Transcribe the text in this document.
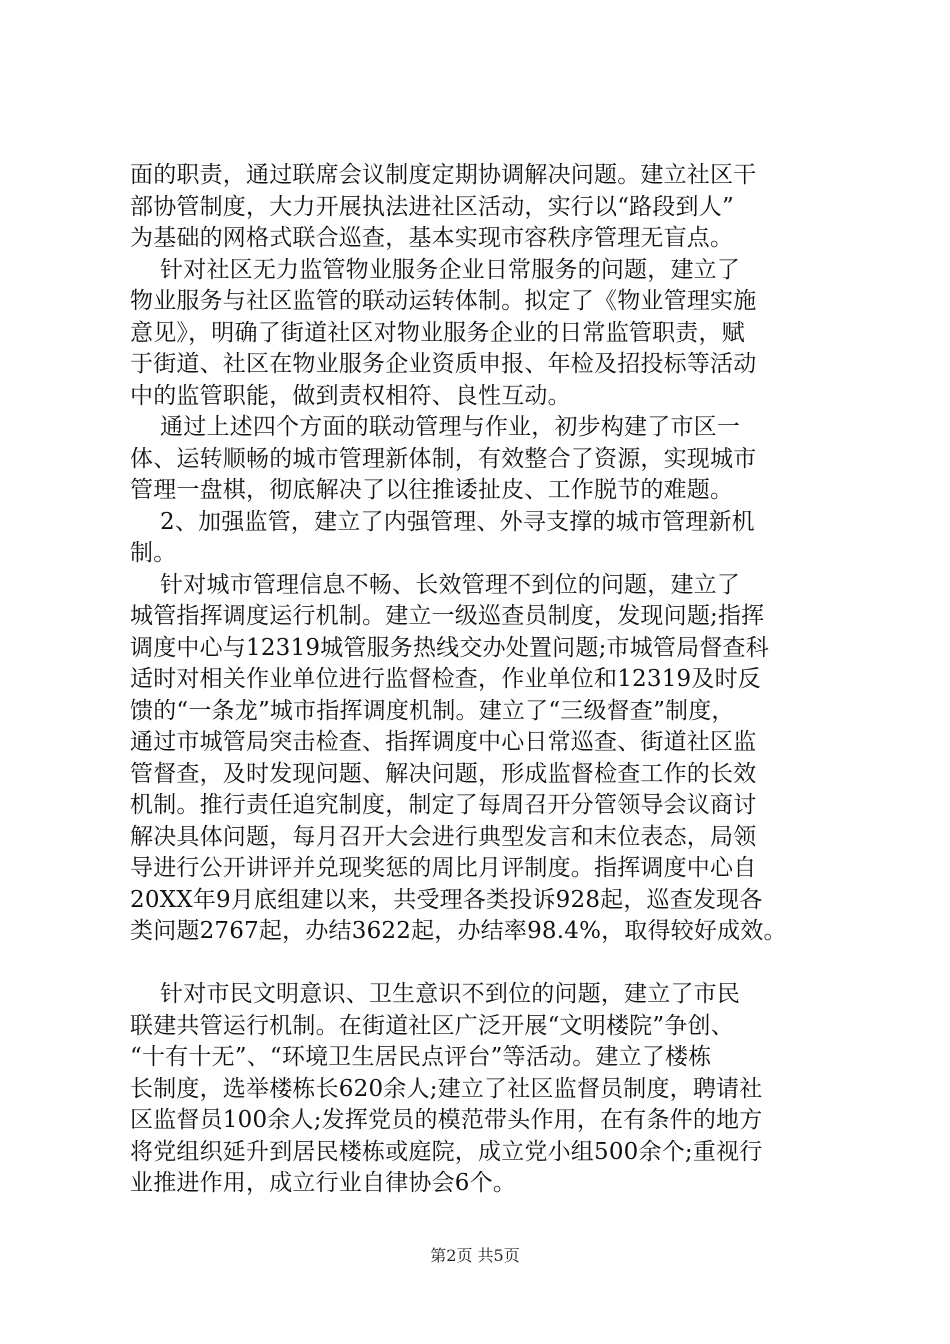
面的职责，通过联席会议制度定期协调解决问题。建立社区干
部协管制度，大力开展执法进社区活动，实行以“路段到人”
为基础的网格式联合巡查，基本实现市容秩序管理无盲点。
针对社区无力监管物业服务企业日常服务的问题，建立了
物业服务与社区监管的联动运转体制。拟定了《物业管理实施
意见》，明确了街道社区对物业服务企业的日常监管职责，赋
于街道、社区在物业服务企业资质申报、年检及招投标等活动
中的监管职能，做到责权相符、良性互动。
通过上述四个方面的联动管理与作业，初步构建了市区一
体、运转顺畅的城市管理新体制，有效整合了资源，实现城市
管理一盘棋，彻底解决了以往推诿扯皮、工作脱节的难题。
2、加强监管，建立了内强管理、外寻支撑的城市管理新机
制。
针对城市管理信息不畅、长效管理不到位的问题，建立了
城管指挥调度运行机制。建立一级巡查员制度，发现问题;指挥
调度中心与12319城管服务热线交办处置问题;市城管局督查科
适时对相关作业单位进行监督检查，作业单位和12319及时反
馈的“一条龙”城市指挥调度机制。建立了“三级督查”制度，
通过市城管局突击检查、指挥调度中心日常巡查、街道社区监
管督查，及时发现问题、解决问题，形成监督检查工作的长效
机制。推行责任追究制度，制定了每周召开分管领导会议商讨
解决具体问题，每月召开大会进行典型发言和末位表态，局领
导进行公开讲评并兑现奖惩的周比月评制度。指挥调度中心自
20XX年9月底组建以来，共受理各类投诉928起，巡查发现各
类问题2767起，办结3622起，办结率98.4%，取得较好成效。
针对市民文明意识、卫生意识不到位的问题，建立了市民
联建共管运行机制。在街道社区广泛开展“文明楼院”争创、
“十有十无”、“环境卫生居民点评台”等活动。建立了楼栋
长制度，选举楼栋长620余人;建立了社区监督员制度，聘请社
区监督员100余人;发挥党员的模范带头作用，在有条件的地方
将党组织延升到居民楼栋或庭院，成立党小组500余个;重视行
业推进作用，成立行业自律协会6个。
第2页 共5页
